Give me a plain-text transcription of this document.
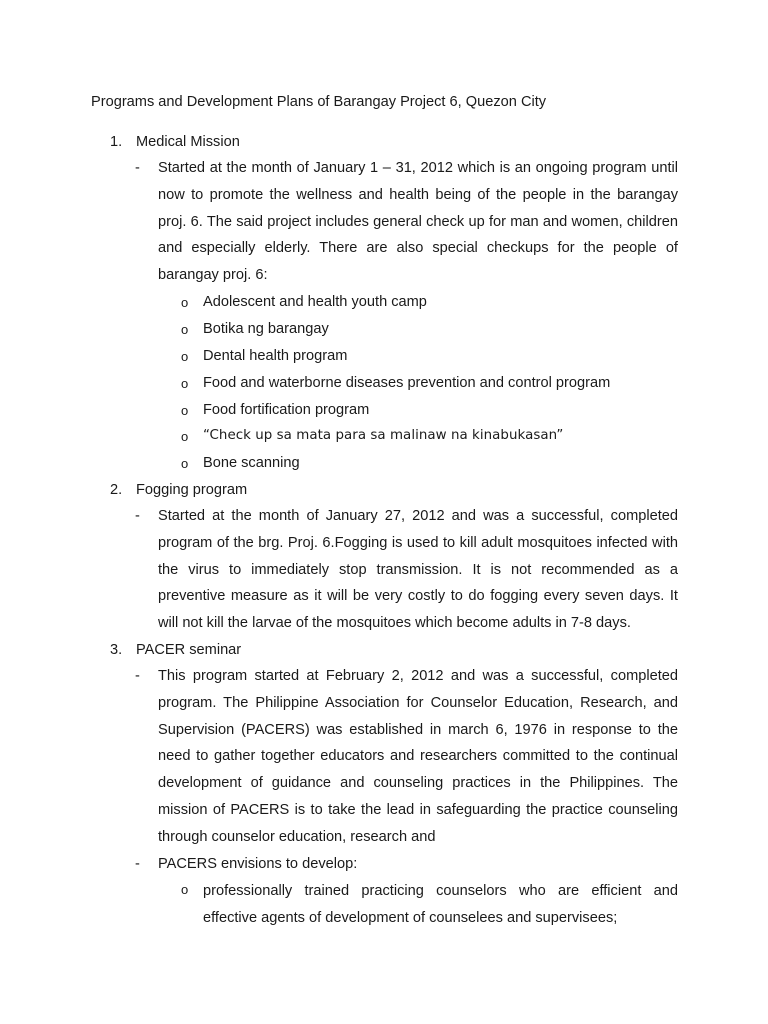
Programs and Development Plans of Barangay Project 6, Quezon City
1. Medical Mission
- Started at the month of January 1 – 31, 2012 which is an ongoing program until now to promote the wellness and health being of the people in the barangay proj. 6. The said project includes general check up for man and women, children and especially elderly. There are also special checkups for the people of barangay proj. 6:
o Adolescent and health youth camp
o Botika ng barangay
o Dental health program
o Food and waterborne diseases prevention and control program
o Food fortification program
o “Check up sa mata para sa malinaw na kinabukasan”
o Bone scanning
2. Fogging program
- Started at the month of January 27, 2012 and was a successful, completed program of the brg. Proj. 6.Fogging is used to kill adult mosquitoes infected with the virus to immediately stop transmission. It is not recommended as a preventive measure as it will be very costly to do fogging every seven days. It will not kill the larvae of the mosquitoes which become adults in 7-8 days.
3. PACER seminar
- This program started at February 2, 2012 and was a successful, completed program. The Philippine Association for Counselor Education, Research, and Supervision (PACERS) was established in march 6, 1976 in response to the need to gather together educators and researchers committed to the continual development of guidance and counseling practices in the Philippines. The mission of PACERS is to take the lead in safeguarding the practice counseling through counselor education, research and
- PACERS envisions to develop:
o professionally trained practicing counselors who are efficient and effective agents of development of counselees and supervisees;
